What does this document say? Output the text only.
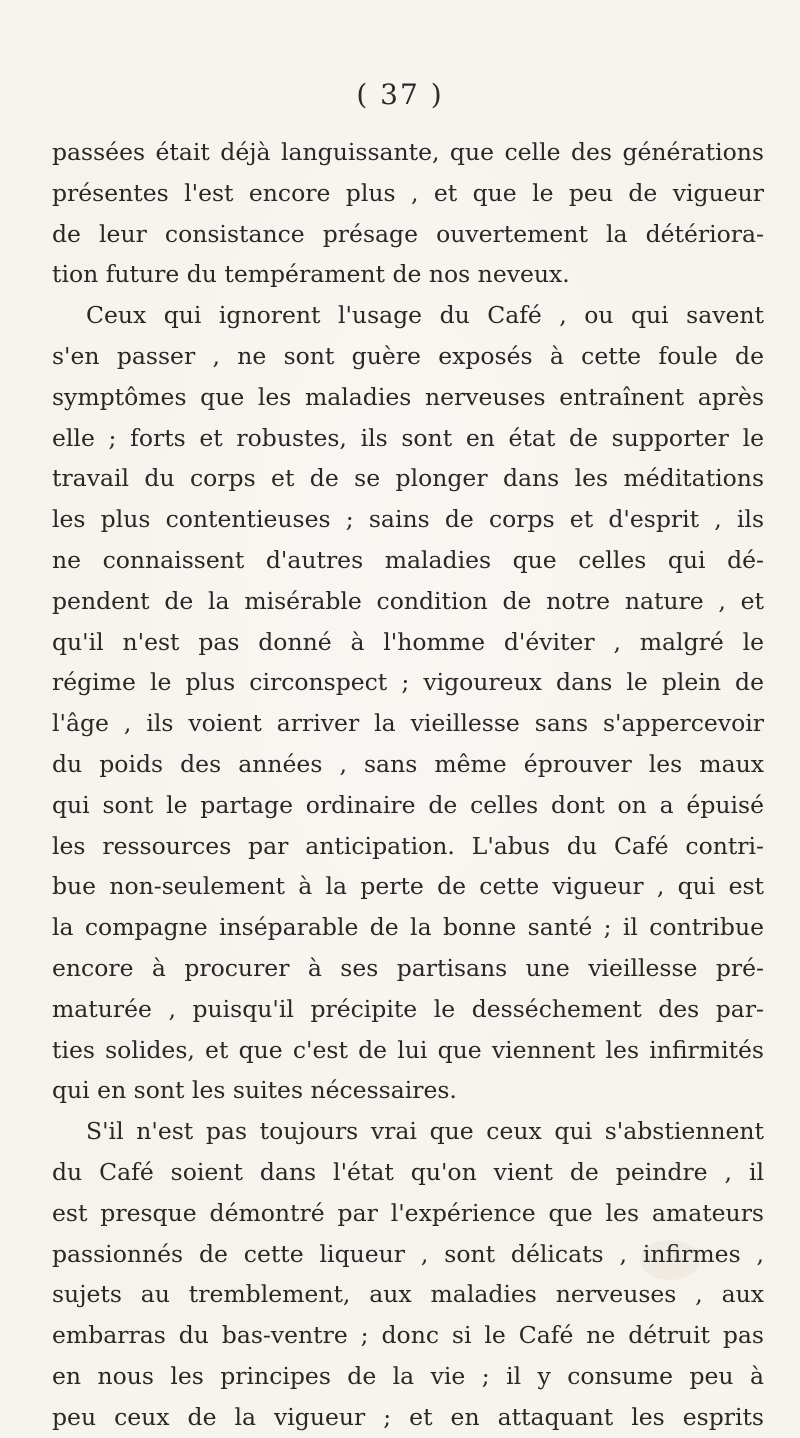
( 37 )
passées était déjà languissante, que celle des générations
présentes l'est encore plus , et que le peu de vigueur
de leur consistance présage ouvertement la détériora-
tion future du tempérament de nos neveux.
Ceux qui ignorent l'usage du Café , ou qui savent
s'en passer , ne sont guère exposés à cette foule de
symptômes que les maladies nerveuses entraînent après
elle ; forts et robustes, ils sont en état de supporter le
travail du corps et de se plonger dans les méditations
les plus contentieuses ; sains de corps et d'esprit , ils
ne connaissent d'autres maladies que celles qui dé-
pendent de la misérable condition de notre nature , et
qu'il n'est pas donné à l'homme d'éviter , malgré le
régime le plus circonspect ; vigoureux dans le plein de
l'âge , ils voient arriver la vieillesse sans s'appercevoir
du poids des années , sans même éprouver les maux
qui sont le partage ordinaire de celles dont on a épuisé
les ressources par anticipation. L'abus du Café contri-
bue non-seulement à la perte de cette vigueur , qui est
la compagne inséparable de la bonne santé ; il contribue
encore à procurer à ses partisans une vieillesse pré-
maturée , puisqu'il précipite le desséchement des par-
ties solides, et que c'est de lui que viennent les infirmités
qui en sont les suites nécessaires.
S'il n'est pas toujours vrai que ceux qui s'abstiennent
du Café soient dans l'état qu'on vient de peindre , il
est presque démontré par l'expérience que les amateurs
passionnés de cette liqueur , sont délicats , infirmes ,
sujets au tremblement, aux maladies nerveuses , aux
embarras du bas-ventre ; donc si le Café ne détruit pas
en nous les principes de la vie ; il y consume peu à
peu ceux de la vigueur ; et en attaquant les esprits
